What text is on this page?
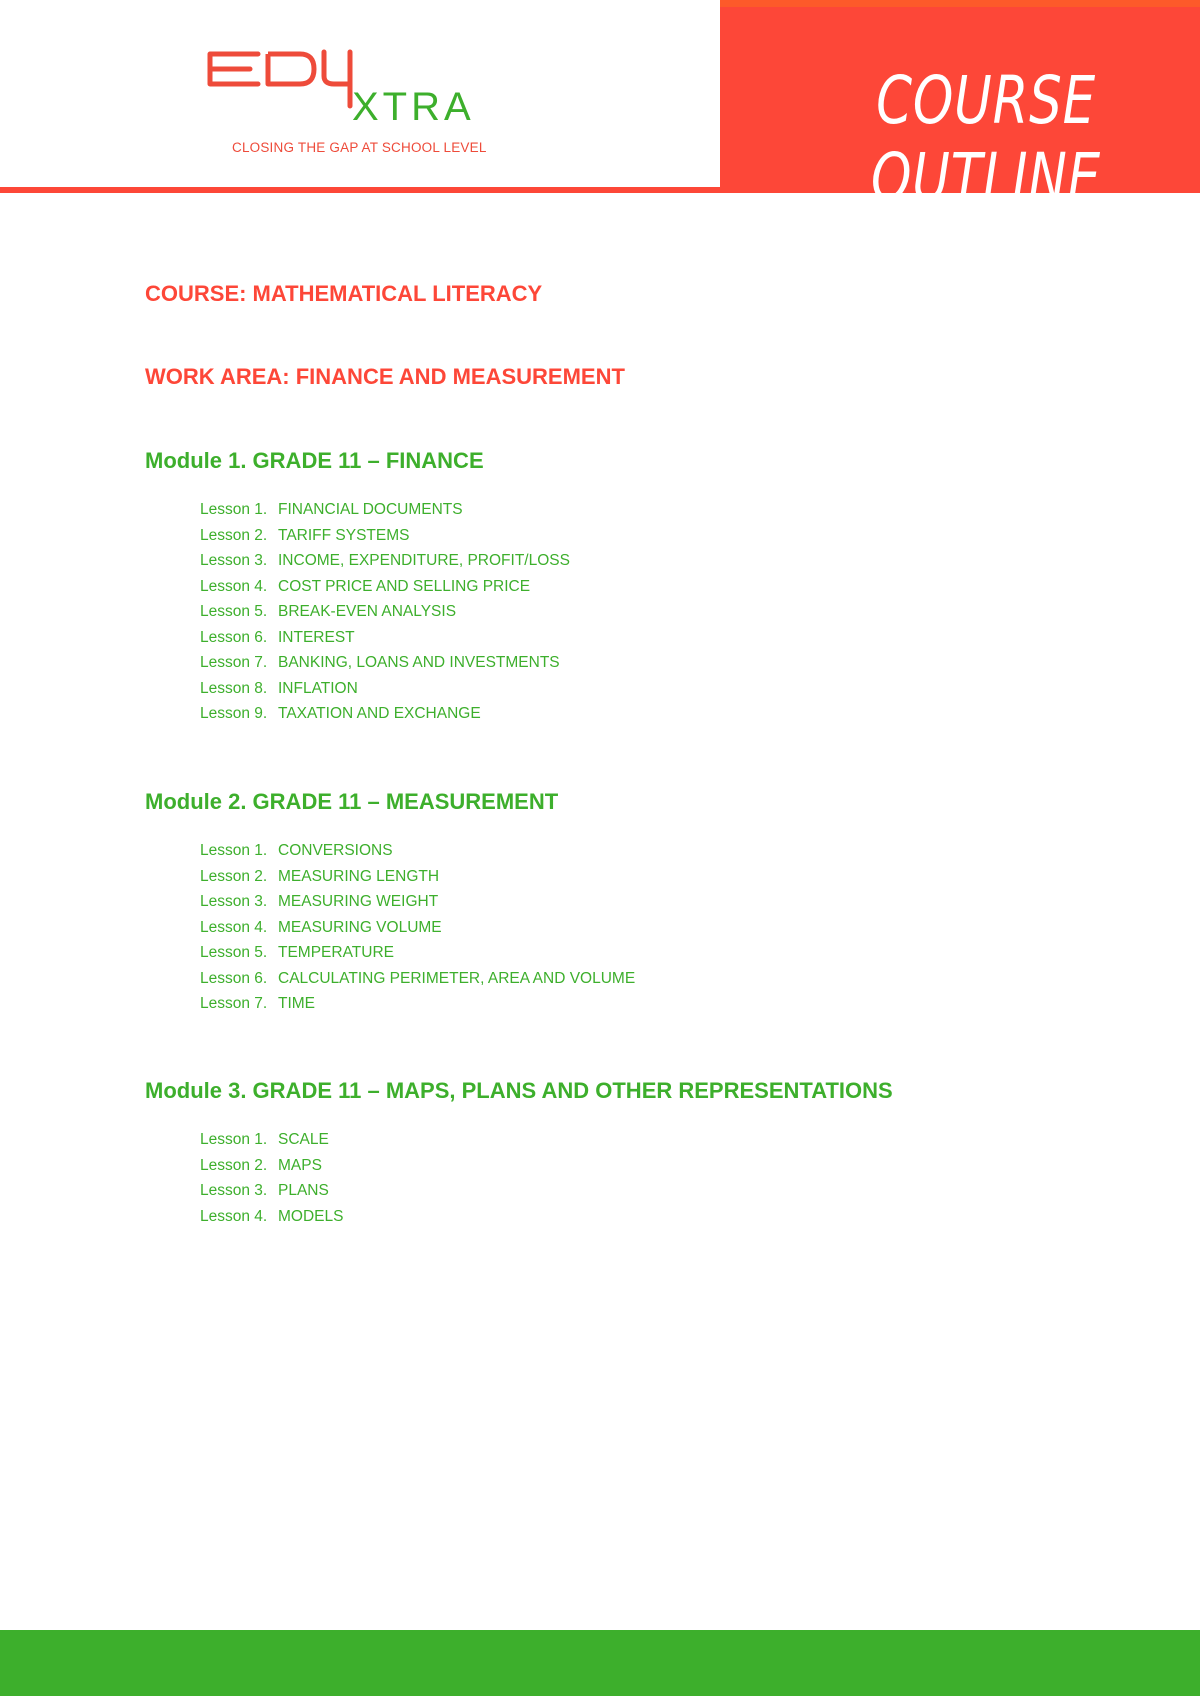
XTRA
CLOSING THE GAP AT SCHOOL LEVEL
COURSE OUTLINE
COURSE: MATHEMATICAL LITERACY
WORK AREA: FINANCE AND MEASUREMENT
Module 1. GRADE 11 – FINANCE
Lesson 1. FINANCIAL DOCUMENTS
Lesson 2. TARIFF SYSTEMS
Lesson 3. INCOME, EXPENDITURE, PROFIT/LOSS
Lesson 4. COST PRICE AND SELLING PRICE
Lesson 5. BREAK-EVEN ANALYSIS
Lesson 6. INTEREST
Lesson 7. BANKING, LOANS AND INVESTMENTS
Lesson 8. INFLATION
Lesson 9. TAXATION AND EXCHANGE
Module 2. GRADE 11 – MEASUREMENT
Lesson 1. CONVERSIONS
Lesson 2. MEASURING LENGTH
Lesson 3. MEASURING WEIGHT
Lesson 4. MEASURING VOLUME
Lesson 5. TEMPERATURE
Lesson 6. CALCULATING PERIMETER, AREA AND VOLUME
Lesson 7. TIME
Module 3. GRADE 11 – MAPS, PLANS AND OTHER REPRESENTATIONS
Lesson 1. SCALE
Lesson 2. MAPS
Lesson 3. PLANS
Lesson 4. MODELS
